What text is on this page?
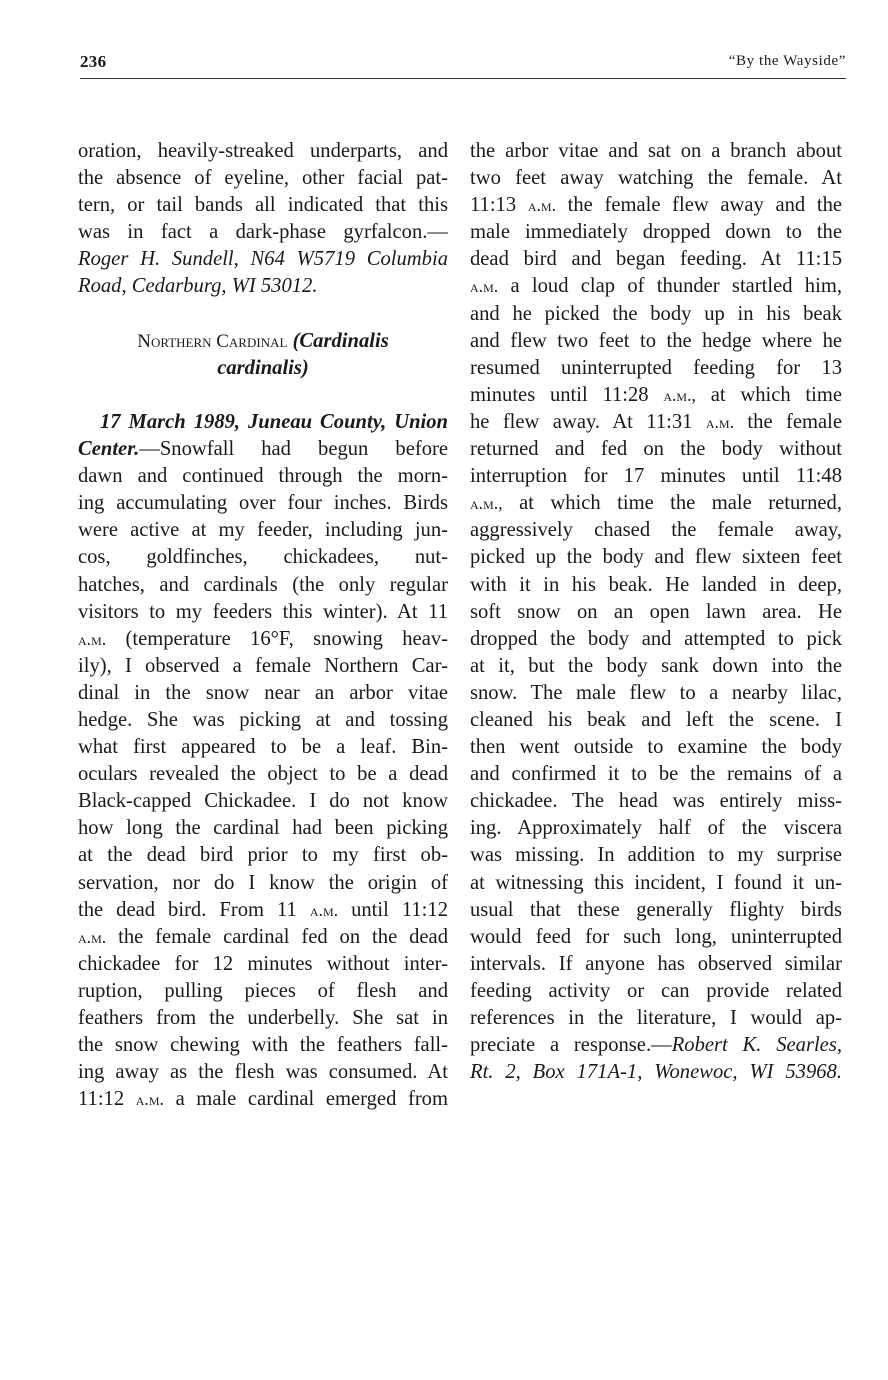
236	“By the Wayside”
oration, heavily-streaked underparts, and
the absence of eyeline, other facial pat-
tern, or tail bands all indicated that this
was in fact a dark-phase gyrfalcon.—
Roger H. Sundell, N64 W5719 Columbia
Road, Cedarburg, WI 53012.
Northern Cardinal (Cardinalis
cardinalis)
17 March 1989, Juneau County, Union
Center.—Snowfall had begun before
dawn and continued through the morn-
ing accumulating over four inches. Birds
were active at my feeder, including jun-
cos, goldfinches, chickadees, nut-
hatches, and cardinals (the only regular
visitors to my feeders this winter). At 11
a.m. (temperature 16°F, snowing heav-
ily), I observed a female Northern Car-
dinal in the snow near an arbor vitae
hedge. She was picking at and tossing
what first appeared to be a leaf. Bin-
oculars revealed the object to be a dead
Black-capped Chickadee. I do not know
how long the cardinal had been picking
at the dead bird prior to my first ob-
servation, nor do I know the origin of
the dead bird. From 11 a.m. until 11:12
a.m. the female cardinal fed on the dead
chickadee for 12 minutes without inter-
ruption, pulling pieces of flesh and
feathers from the underbelly. She sat in
the snow chewing with the feathers fall-
ing away as the flesh was consumed. At
11:12 a.m. a male cardinal emerged from
the arbor vitae and sat on a branch about
two feet away watching the female. At
11:13 a.m. the female flew away and the
male immediately dropped down to the
dead bird and began feeding. At 11:15
a.m. a loud clap of thunder startled him,
and he picked the body up in his beak
and flew two feet to the hedge where he
resumed uninterrupted feeding for 13
minutes until 11:28 a.m., at which time
he flew away. At 11:31 a.m. the female
returned and fed on the body without
interruption for 17 minutes until 11:48
a.m., at which time the male returned,
aggressively chased the female away,
picked up the body and flew sixteen feet
with it in his beak. He landed in deep,
soft snow on an open lawn area. He
dropped the body and attempted to pick
at it, but the body sank down into the
snow. The male flew to a nearby lilac,
cleaned his beak and left the scene. I
then went outside to examine the body
and confirmed it to be the remains of a
chickadee. The head was entirely miss-
ing. Approximately half of the viscera
was missing. In addition to my surprise
at witnessing this incident, I found it un-
usual that these generally flighty birds
would feed for such long, uninterrupted
intervals. If anyone has observed similar
feeding activity or can provide related
references in the literature, I would ap-
preciate a response.—Robert K. Searles,
Rt. 2, Box 171A-1, Wonewoc, WI 53968.
